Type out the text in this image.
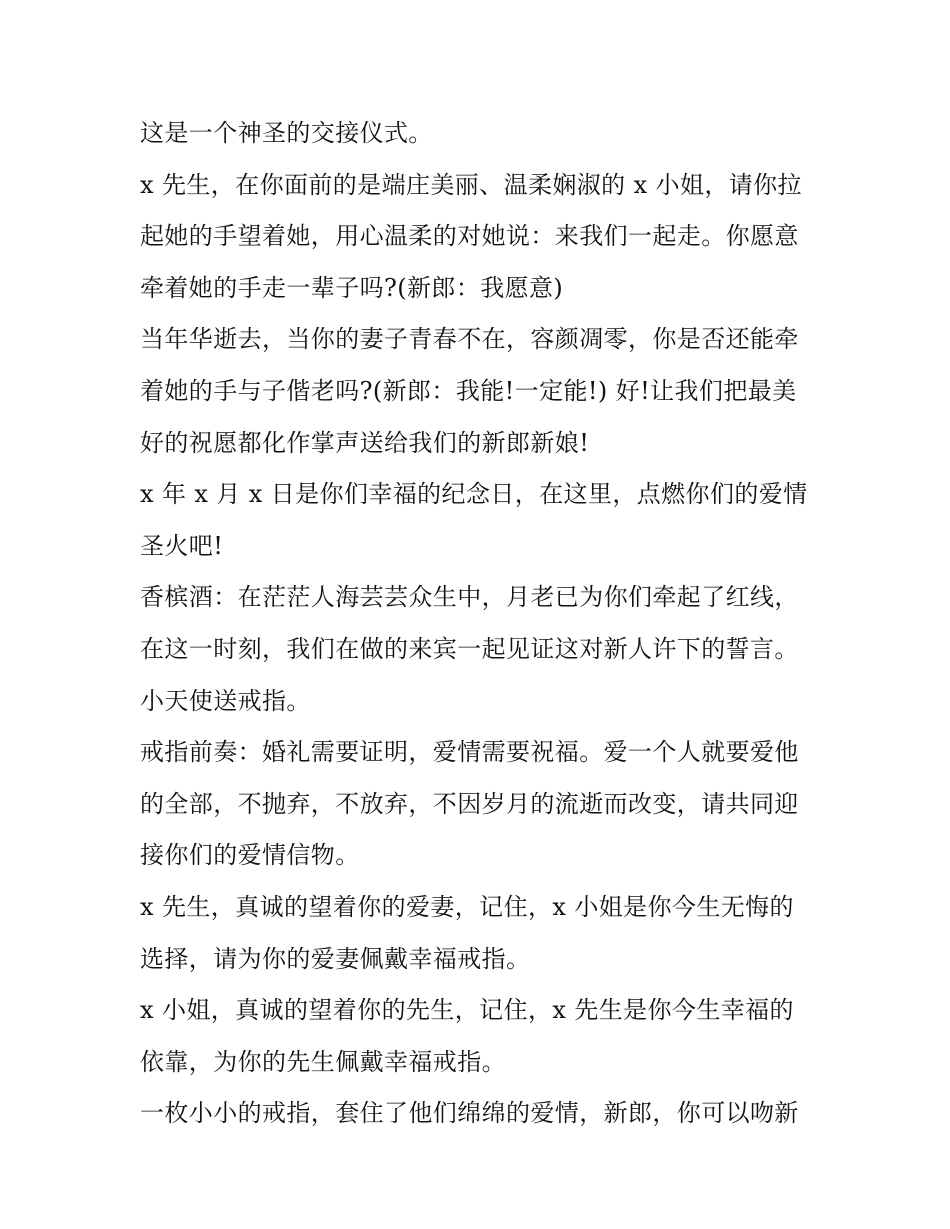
这是一个神圣的交接仪式。
x 先生，在你面前的是端庄美丽、温柔娴淑的 x 小姐，请你拉
起她的手望着她，用心温柔的对她说：来我们一起走。你愿意
牵着她的手走一辈子吗?(新郎：我愿意)
当年华逝去，当你的妻子青春不在，容颜凋零，你是否还能牵
着她的手与子偕老吗?(新郎：我能!一定能!) 好!让我们把最美
好的祝愿都化作掌声送给我们的新郎新娘!
x 年 x 月 x 日是你们幸福的纪念日，在这里，点燃你们的爱情
圣火吧!
香槟酒：在茫茫人海芸芸众生中，月老已为你们牵起了红线，
在这一时刻，我们在做的来宾一起见证这对新人许下的誓言。
小天使送戒指。
戒指前奏：婚礼需要证明，爱情需要祝福。爱一个人就要爱他
的全部，不抛弃，不放弃，不因岁月的流逝而改变，请共同迎
接你们的爱情信物。
x 先生，真诚的望着你的爱妻，记住，x 小姐是你今生无悔的
选择，请为你的爱妻佩戴幸福戒指。
x 小姐，真诚的望着你的先生，记住，x 先生是你今生幸福的
依靠，为你的先生佩戴幸福戒指。
一枚小小的戒指，套住了他们绵绵的爱情，新郎，你可以吻新
